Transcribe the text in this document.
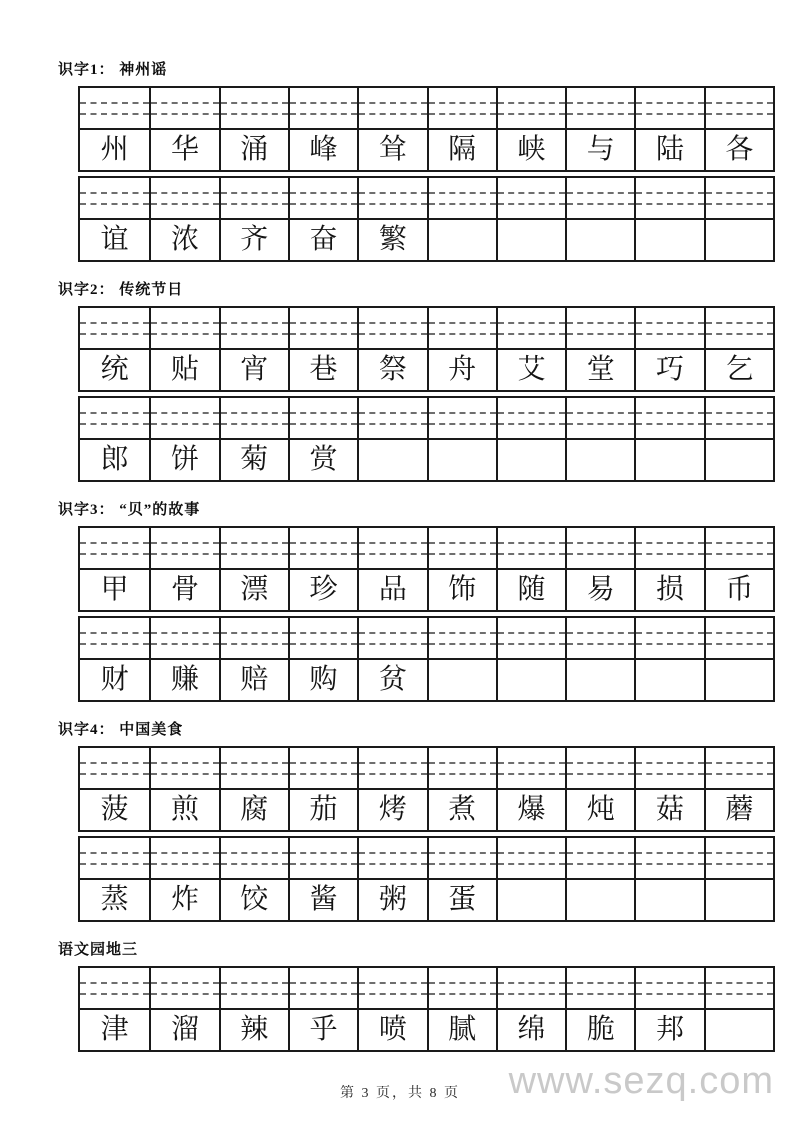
识字1： 神州谣
州	华	涌	峰	耸	隔	峡	与	陆	各
谊	浓	齐	奋	繁
识字2： 传统节日
统	贴	宵	巷	祭	舟	艾	堂	巧	乞
郎	饼	菊	赏
识字3： “贝”的故事
甲	骨	漂	珍	品	饰	随	易	损	币
财	赚	赔	购	贫
识字4： 中国美食
菠	煎	腐	茄	烤	煮	爆	炖	菇	蘑
蒸	炸	饺	酱	粥	蛋
语文园地三
津	溜	辣	乎	喷	腻	绵	脆	邦
第 3 页，共 8 页	www.sezq.com
